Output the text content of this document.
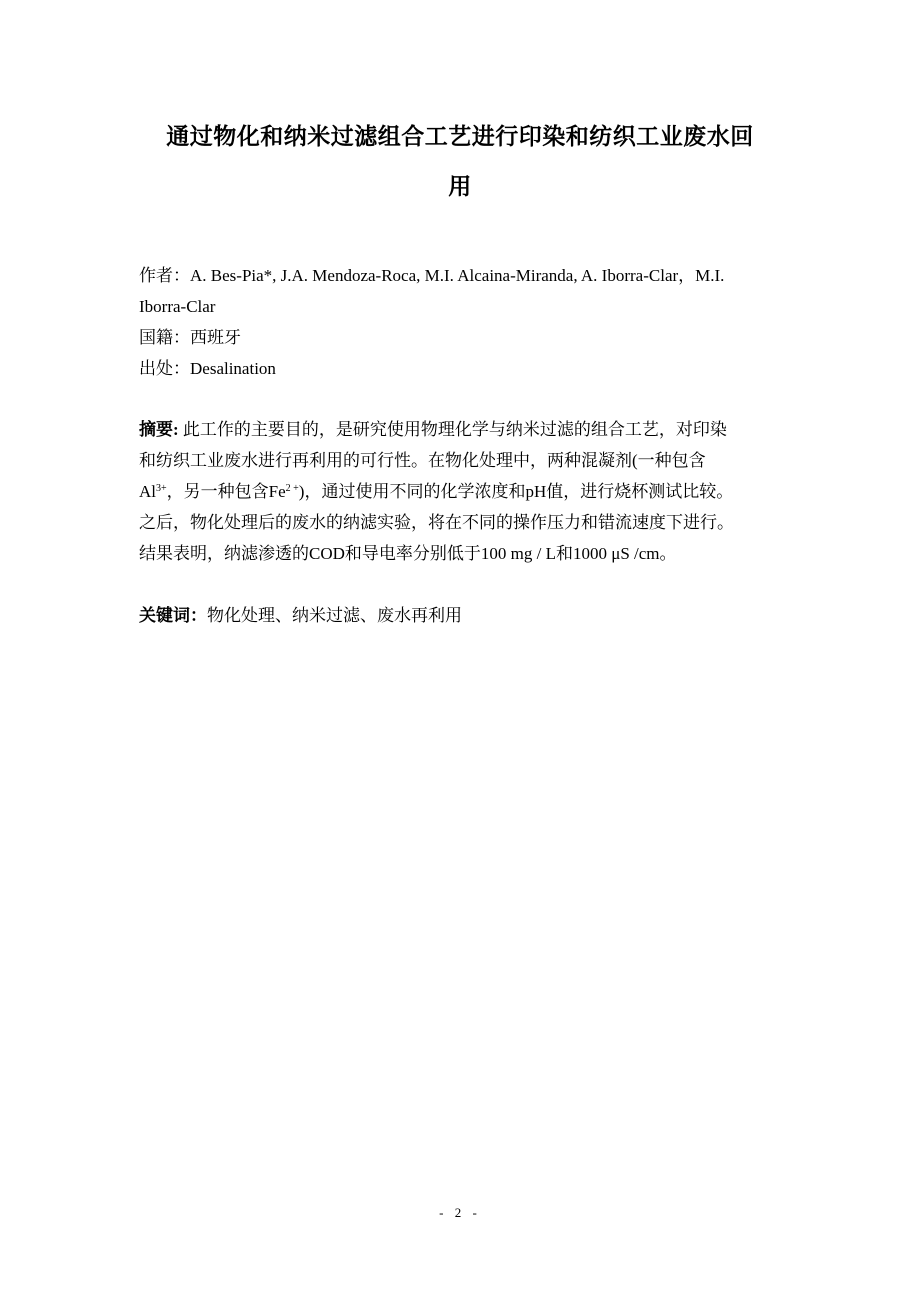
通过物化和纳米过滤组合工艺进行印染和纺织工业废水回
用
作者：A. Bes-Pia*, J.A. Mendoza-Roca, M.I. Alcaina-Miranda, A. Iborra-Clar，M.I.
Iborra-Clar
国籍：西班牙
出处：Desalination
摘要: 此工作的主要目的，是研究使用物理化学与纳米过滤的组合工艺，对印染
和纺织工业废水进行再利用的可行性。在物化处理中，两种混凝剂(一种包含
$Al^{3+}$，另一种包含$Fe^{2 +}$)，通过使用不同的化学浓度和pH值，进行烧杯测试比较。
之后，物化处理后的废水的纳滤实验，将在不同的操作压力和错流速度下进行。
结果表明，纳滤渗透的COD和导电率分别低于100 mg / L和1000 μS /cm。
关键词：物化处理、纳米过滤、废水再利用
- 2 -
